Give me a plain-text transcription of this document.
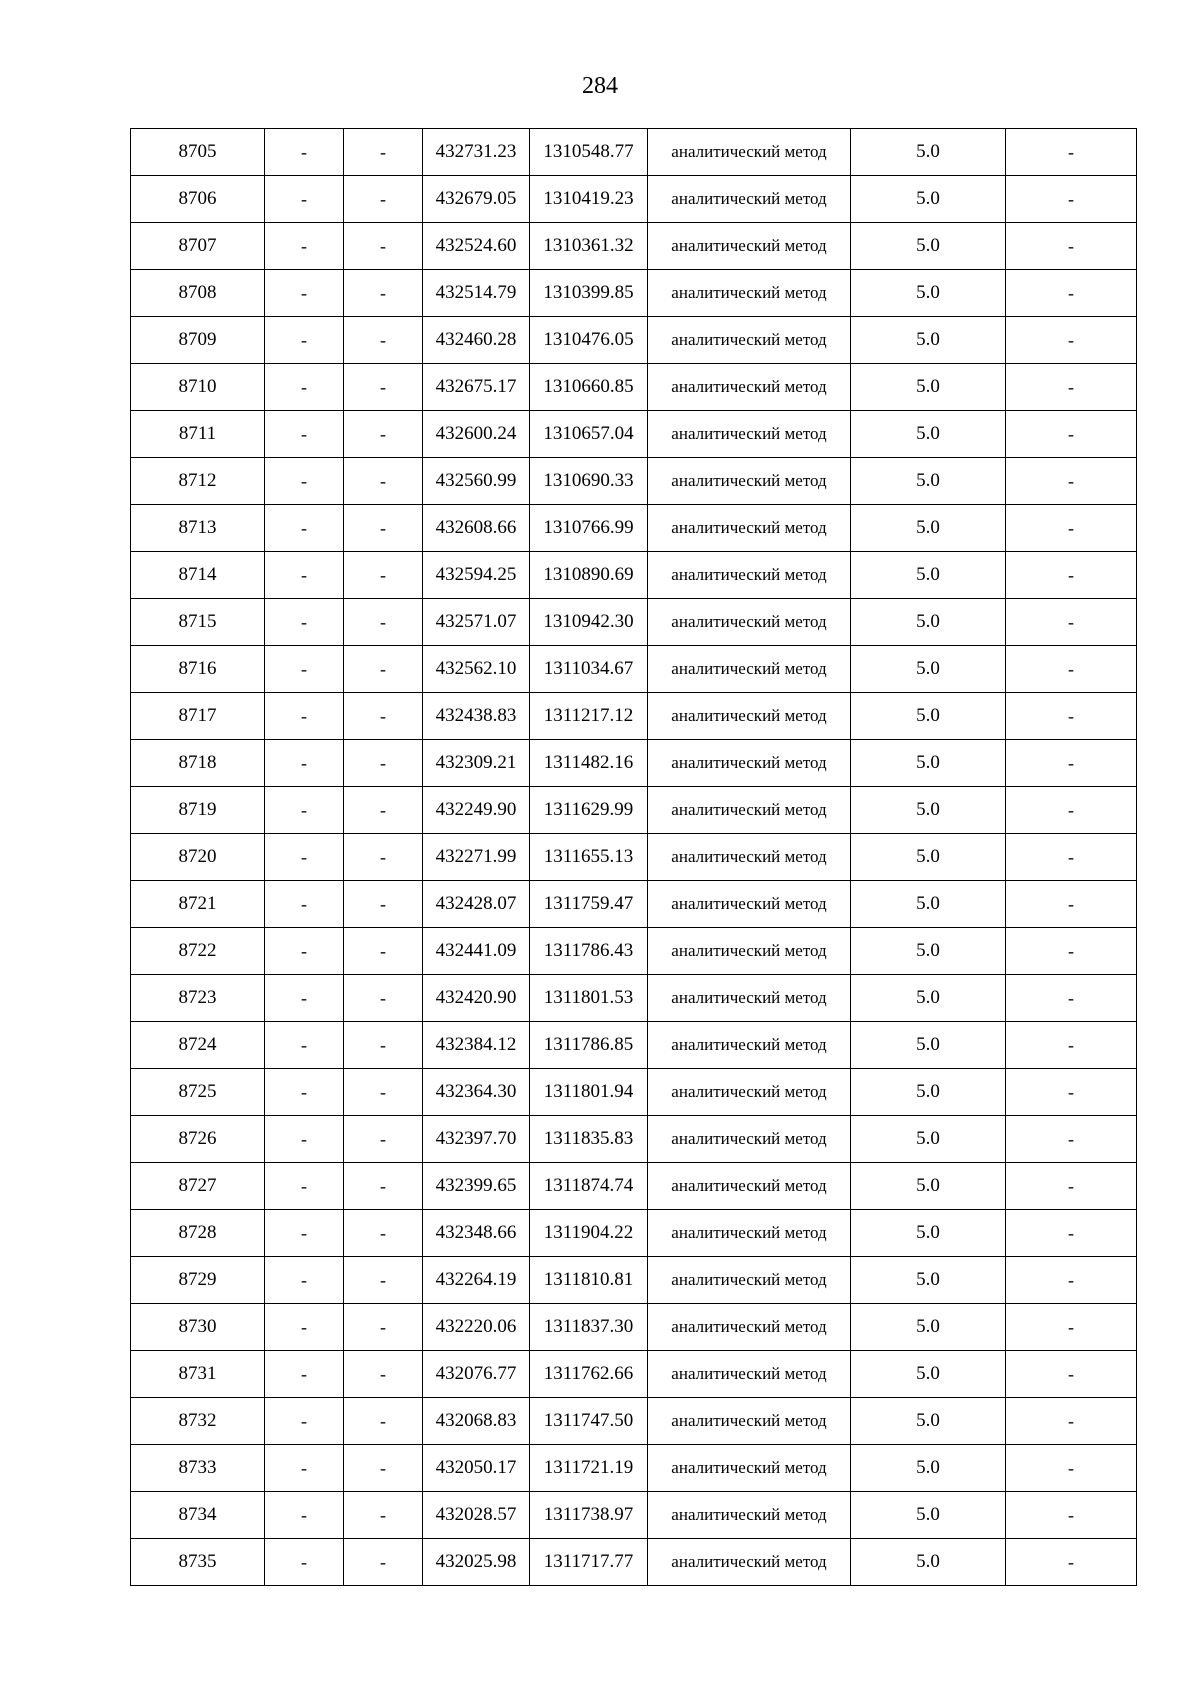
284
8705	-	-	432731.23	1310548.77	аналитический метод	5.0	-
8706	-	-	432679.05	1310419.23	аналитический метод	5.0	-
8707	-	-	432524.60	1310361.32	аналитический метод	5.0	-
8708	-	-	432514.79	1310399.85	аналитический метод	5.0	-
8709	-	-	432460.28	1310476.05	аналитический метод	5.0	-
8710	-	-	432675.17	1310660.85	аналитический метод	5.0	-
8711	-	-	432600.24	1310657.04	аналитический метод	5.0	-
8712	-	-	432560.99	1310690.33	аналитический метод	5.0	-
8713	-	-	432608.66	1310766.99	аналитический метод	5.0	-
8714	-	-	432594.25	1310890.69	аналитический метод	5.0	-
8715	-	-	432571.07	1310942.30	аналитический метод	5.0	-
8716	-	-	432562.10	1311034.67	аналитический метод	5.0	-
8717	-	-	432438.83	1311217.12	аналитический метод	5.0	-
8718	-	-	432309.21	1311482.16	аналитический метод	5.0	-
8719	-	-	432249.90	1311629.99	аналитический метод	5.0	-
8720	-	-	432271.99	1311655.13	аналитический метод	5.0	-
8721	-	-	432428.07	1311759.47	аналитический метод	5.0	-
8722	-	-	432441.09	1311786.43	аналитический метод	5.0	-
8723	-	-	432420.90	1311801.53	аналитический метод	5.0	-
8724	-	-	432384.12	1311786.85	аналитический метод	5.0	-
8725	-	-	432364.30	1311801.94	аналитический метод	5.0	-
8726	-	-	432397.70	1311835.83	аналитический метод	5.0	-
8727	-	-	432399.65	1311874.74	аналитический метод	5.0	-
8728	-	-	432348.66	1311904.22	аналитический метод	5.0	-
8729	-	-	432264.19	1311810.81	аналитический метод	5.0	-
8730	-	-	432220.06	1311837.30	аналитический метод	5.0	-
8731	-	-	432076.77	1311762.66	аналитический метод	5.0	-
8732	-	-	432068.83	1311747.50	аналитический метод	5.0	-
8733	-	-	432050.17	1311721.19	аналитический метод	5.0	-
8734	-	-	432028.57	1311738.97	аналитический метод	5.0	-
8735	-	-	432025.98	1311717.77	аналитический метод	5.0	-
